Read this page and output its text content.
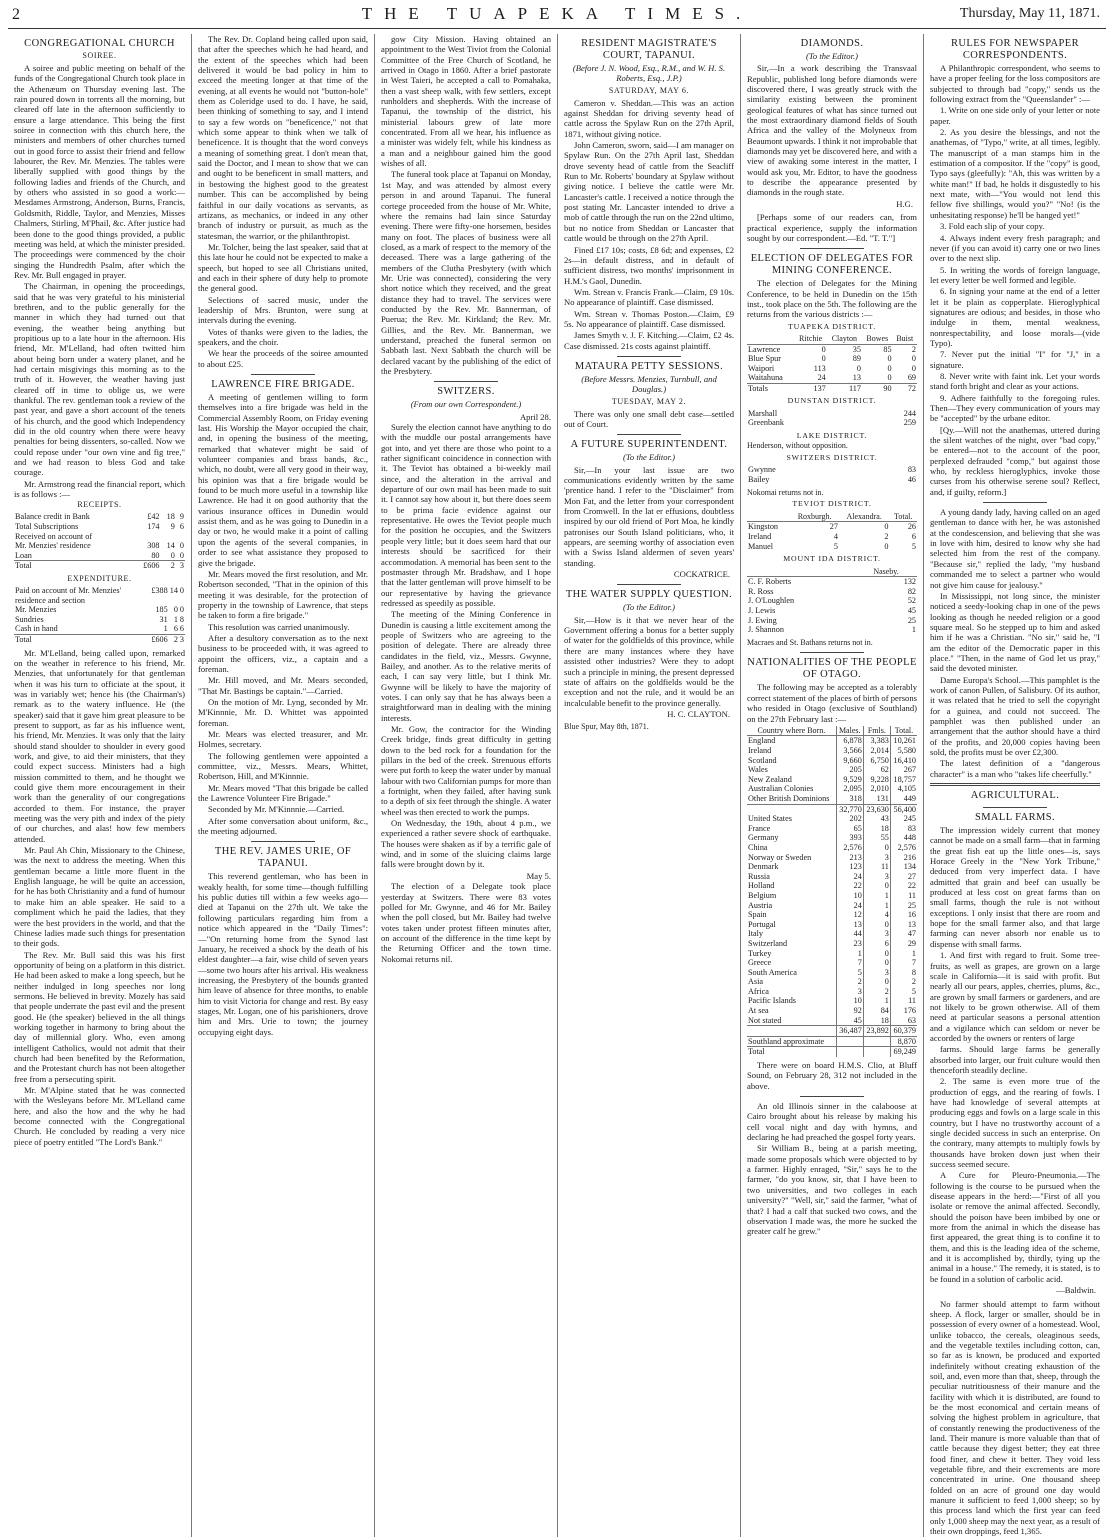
2	THE TUAPEKA TIMES.	Thursday, May 11, 1871.
CONGREGATIONAL CHURCH
SOIREE.

A soiree and public meeting on behalf of the funds of the Congregational Church took place in the Athenæum on Thursday evening last. The rain poured down in torrents all the morning, but cleared off late in the afternoon sufficiently to ensure a large attendance. This being the first soiree in connection with this church here, the ministers and members of other churches turned out in good force to assist their friend and fellow labourer, the Rev. Mr. Menzies. The tables were liberally supplied with good things by the following ladies and friends of the Church, and by others who assisted in so good a work:—Mesdames Armstrong, Anderson, Burns, Francis, Goldsmith, Riddle, Taylor, and Menzies, Misses Chalmers, Stirling, M'Phail, &c. After justice had been done to the good things provided, a public meeting was held, at which the minister presided. The proceedings were commenced by the choir singing the Hundredth Psalm, after which the Rev. Mr. Bull engaged in prayer.

The Chairman, in opening the proceedings, said that he was very grateful to his ministerial brethren, and to the public generally for the manner in which they had turned out that evening, the weather being anything but propitious up to a late hour in the afternoon. His friend, Mr. M'Lelland, had often twitted him about being born under a watery planet, and he had certain misgivings this morning as to the truth of it. However, the weather having just cleared off in time to oblige us, we were thankful. The rev. gentleman took a review of the past year, and gave a short account of the tenets of his church, and the good which Independency did in the old country when there were heavy penalties for being dissenters, so-called. Now we could repose under "our own vine and fig tree," and we had reason to bless God and take courage.

Mr. Armstrong read the financial report, which is as follows :—

RECEIPTS.
Balance credit in Bank	£42	18	9
Total Subscriptions	174	9	6
Received on account of			
Mr. Menzies' residence	308	14	0
Loan	80	0	0
Total	£606	2	3
EXPENDITURE.
Paid on account of Mr. Menzies' residence and section	£388	14	0
Mr. Menzies	185	0	0
Sundries	31	1	8
Cash in hand	1	6	6
Total	£606	2	3

Mr. M'Lelland, being called upon, remarked on the weather in reference to his friend, Mr. Menzies, that unfortunately for that gentleman when it was his turn to officiate at the spout, it was in variably wet; hence his (the Chairman's) remark as to the watery influence. He (the speaker) said that it gave him great pleasure to be present to support, as far as his influence went, his friend, Mr. Menzies. It was only that the laity should stand shoulder to shoulder in every good work, and give, to aid their ministers, that they could expect success. Ministers had a high mission committed to them, and he thought we could give them more encouragement in their work than the generality of our congregations accorded to them. For instance, the prayer meeting was the very pith and index of the piety of our churches, and alas! how few members attended.

Mr. Paul Ah Chin, Missionary to the Chinese, was the next to address the meeting. When this gentleman became a little more fluent in the English language, he will be quite an accession, for he has both Christianity and a fund of humour to make him an able speaker. He said to a compliment which he paid the ladies, that they were the best providers in the world, and that the Chinese ladies made such things for presentation to their gods.

The Rev. Mr. Bull said this was his first opportunity of being on a platform in this district. He had been asked to make a long speech, but he neither indulged in long speeches nor long sermons. He believed in brevity. Mozely has said that people underrate the past evil and the present good. He (the speaker) believed in the all things working together in harmony to bring about the day of millennial glory. Who, even among intelligent Catholics, would not admit that their church had been benefited by the Reformation, and the Protestant church has not been altogether free from a persecuting spirit.

Mr. M'Alpine stated that he was connected with the Wesleyans before Mr. M'Lelland came here, and also the how and the why he had become connected with the Congregational Church. He concluded by reading a very nice piece of poetry entitled "The Lord's Bank."

The Rev. Dr. Copland being called upon said, that after the speeches which he had heard, and the extent of the speeches which had been delivered it would be bad policy in him to exceed the meeting longer at that time of the evening, at all events he would not "button-hole" them as Coleridge used to do. I have, he said, been thinking of something to say, and I intend to say a few words on "beneficence," not that which some appear to think when we talk of beneficence. It is thought that the word conveys a meaning of something great. I don't mean that, said the Doctor, and I mean to show that we can and ought to be beneficent in small matters, and in bestowing the highest good to the greatest number. This can be accomplished by being faithful in our daily vocations as servants, as artizans, as mechanics, or indeed in any other branch of industry or pursuit, as much as the statesman, the warrior, or the philanthropist.

Mr. Tolcher, being the last speaker, said that at this late hour he could not be expected to make a speech, but hoped to see all Christians united, and each in their sphere of duty help to promote the general good.

Selections of sacred music, under the leadership of Mrs. Brunton, were sung at intervals during the evening.

Votes of thanks were given to the ladies, the speakers, and the choir.

We hear the proceeds of the soiree amounted to about £25.

LAWRENCE FIRE BRIGADE.

A meeting of gentlemen willing to form themselves into a fire brigade was held in the Commercial Assembly Room, on Friday evening last. His Worship the Mayor occupied the chair, and, in opening the business of the meeting, remarked that whatever might be said of volunteer companies and brass bands, &c., which, no doubt, were all very good in their way, his opinion was that a fire brigade would be found to be much more useful in a township like Lawrence. He had it on good authority that the various insurance offices in Dunedin would assist them, and as he was going to Dunedin in a day or two, he would make it a point of calling upon the agents of the several companies, in order to see what assistance they proposed to give the brigade.

Mr. Mears moved the first resolution, and Mr. Robertson seconded, "That in the opinion of this meeting it was desirable, for the protection of property in the township of Lawrence, that steps be taken to form a fire brigade."

This resolution was carried unanimously.

After a desultory conversation as to the next business to be proceeded with, it was agreed to appoint the officers, viz., a captain and a foreman.

Mr. Hill moved, and Mr. Mears seconded, "That Mr. Bastings be captain."—Carried.

On the motion of Mr. Lyng, seconded by Mr. M'Kinnnie, Mr. D. Whittet was appointed foreman.

Mr. Mears was elected treasurer, and Mr. Holmes, secretary.

The following gentlemen were appointed a committee, viz., Messrs. Mears, Whittet, Robertson, Hill, and M'Kinnnie.

Mr. Mears moved "That this brigade be called the Lawrence Volunteer Fire Brigade."

Seconded by Mr. M'Kinnnie.—Carried.

After some conversation about uniform, &c., the meeting adjourned.

THE REV. JAMES URIE, OF TAPANUI.

This reverend gentleman, who has been in weakly health, for some time—though fulfilling his public duties till within a few weeks ago—died at Tapanui on the 27th ult. We take the following particulars regarding him from a notice which appeared in the "Daily Times":—"On returning home from the Synod last January, he received a shock by the death of his eldest daughter—a fair, wise child of seven years—some two hours after his arrival. His weakness increasing, the Presbytery of the bounds granted him leave of absence for three months, to enable him to visit Victoria for change and rest. By easy stages, Mr. Logan, one of his parishioners, drove him and Mrs. Urie to town; the journey occupying eight days.

gow City Mission. Having obtained an appointment to the West Tiviot from the Colonial Committee of the Free Church of Scotland, he arrived in Otago in 1860. After a brief pastorate in West Taieri, he accepted a call to Pomahaka, then a vast sheep walk, with few settlers, except runholders and shepherds. With the increase of Tapanui, the township of the district, his ministerial labours grew of late more concentrated. From all we hear, his influence as a minister was widely felt, while his kindness as a man and a neighbour gained him the good wishes of all.

The funeral took place at Tapanui on Monday, 1st May, and was attended by almost every person in and around Tapanui. The funeral cortege proceeded from the house of Mr. White, where the remains had lain since Saturday evening. There were fifty-one horsemen, besides many on foot. The places of business were all closed, as a mark of respect to the memory of the deceased. There was a large gathering of the members of the Clutha Presbytery (with which Mr. Urie was connected), considering the very short notice which they received, and the great distance they had to travel. The services were conducted by the Rev. Mr. Bannerman, of Puerua; the Rev. Mr. Kirkland; the Rev. Mr. Gillies, and the Rev. Mr. Bannerman, we understand, preached the funeral sermon on Sabbath last. Next Sabbath the church will be declared vacant by the publishing of the edict of the Presbytery.

SWITZERS.
(From our own Correspondent.)
April 28.

Surely the election cannot have anything to do with the muddle our postal arrangements have got into, and yet there are those who point to a rather significant coincidence in connection with it. The Teviot has obtained a bi-weekly mail since, and the alteration in the arrival and departure of our own mail has been made to suit it. I cannot say how about it, but there does seem to be prima facie evidence against our representative. He owes the Teviot people much for the position he occupies, and the Switzers people very little; but it does seem hard that our interests should be sacrificed for their accommodation. A memorial has been sent to the postmaster through Mr. Bradshaw, and I hope that the latter gentleman will prove himself to be our representative by having the grievance redressed as speedily as possible.

The meeting of the Mining Conference in Dunedin is causing a little excitement among the people of Switzers who are agreeing to the position of delegate. There are already three candidates in the field, viz., Messrs. Gwynne, Bailey, and another. As to the relative merits of each, I can say very little, but I think Mr. Gwynne will be likely to have the majority of votes. I can only say that he has always been a straightforward man in dealing with the mining interests.

Mr. Gow, the contractor for the Winding Creek bridge, finds great difficulty in getting down to the bed rock for a foundation for the pillars in the bed of the creek. Strenuous efforts were put forth to keep the water under by manual labour with two Californian pumps for more than a fortnight, when they failed, after having sunk to a depth of six feet through the shingle. A water wheel was then erected to work the pumps.

On Wednesday, the 19th, about 4 p.m., we experienced a rather severe shock of earthquake. The houses were shaken as if by a terrific gale of wind, and in some of the sluicing claims large falls were brought down by it.

May 5.

The election of a Delegate took place yesterday at Switzers. There were 83 votes polled for Mr. Gwynne, and 46 for Mr. Bailey when the poll closed, but Mr. Bailey had twelve votes taken under protest fifteen minutes after, on account of the difference in the time kept by the Returning Officer and the town time. Nokomai returns nil.

RESIDENT MAGISTRATE'S COURT, TAPANUI.
(Before J. N. Wood, Esq., R.M., and W. H. S. Roberts, Esq., J.P.)
SATURDAY, MAY 6.

Cameron v. Sheddan.—This was an action against Sheddan for driving seventy head of cattle across the Spylaw Run on the 27th April, 1871, without giving notice.

John Cameron, sworn, said—I am manager on Spylaw Run. On the 27th April last, Sheddan drove seventy head of cattle from the Seacliff Run to Mr. Roberts' boundary at Spylaw without giving notice. I believe the cattle were Mr. Lancaster's cattle. I received a notice through the post stating Mr. Lancaster intended to drive a mob of cattle through the run on the 22nd ultimo, but no notice from Sheddan or Lancaster that cattle would be through on the 27th April.

Fined £17 10s; costs, £8 6d; and expenses, £2 2s—in default distress, and in default of sufficient distress, two months' imprisonment in H.M.'s Gaol, Dunedin.

Wm. Strean v. Francis Frank.—Claim, £9 10s. No appearance of plaintiff. Case dismissed.

Wm. Strean v. Thomas Poston.—Claim, £9 5s. No appearance of plaintiff. Case dismissed.

James Smyth v. J. F. Kitching.—Claim, £2 4s. Case dismissed. 21s costs against plaintiff.

MATAURA PETTY SESSIONS.
(Before Messrs. Menzies, Turnbull, and Douglas.)
TUESDAY, MAY 2.

There was only one small debt case—settled out of Court.

A FUTURE SUPERINTENDENT.
(To the Editor.)

Sir,—In your last issue are two communications evidently written by the same 'prentice hand. I refer to the "Disclaimer" from Mon Fat, and the letter from your correspondent from Cromwell. In the lat er effusions, doubtless inspired by our old friend of Port Moa, he kindly patronises our South Island politicians, who, it appears, are seeming worthy of association even with a Swiss Island aldermen of seven years' standing.

COCKATRICE.
THE WATER SUPPLY QUESTION.
(To the Editor.)

Sir,—How is it that we never hear of the Government offering a bonus for a better supply of water for the goldfields of this province, while there are many instances where they have assisted other industries? Were they to adopt such a principle in mining, the present depressed state of affairs on the goldfields would be the exception and not the rule, and it would be an incalculable benefit to the province generally.

H. C. CLAYTON.
Blue Spur, May 8th, 1871.
DIAMONDS.
(To the Editor.)

Sir,—In a work describing the Transvaal Republic, published long before diamonds were discovered there, I was greatly struck with the similarity existing between the prominent geological features of what has since turned out the most extraordinary diamond fields of South Africa and the valley of the Molyneux from Beaumont upwards. I think it not improbable that diamonds may yet be discovered here, and with a view of awaking some interest in the matter, I would ask you, Mr. Editor, to have the goodness to describe the appearance presented by diamonds in the rough state.

H.G.

[Perhaps some of our readers can, from practical experience, supply the information sought by our correspondent.—Ed. "T. T."]

ELECTION OF DELEGATES FOR MINING CONFERENCE.

The election of Delegates for the Mining Conference, to be held in Dunedin on the 15th inst., took place on the 5th. The following are the returns from the various districts :—

TUAPEKA DISTRICT.
	Ritchie	Clayton	Bowes	Buist
Lawrence	0	35	85	2
Blue Spur	0	89	0	0
Waipori	113	0	0	0
Waitahuna	24	13	0	69
Totals	137	117	90	72
DUNSTAN DISTRICT.
Marshall	244
Greenbank	259
LAKE DISTRICT.
Henderson, without opposition.
SWITZERS DISTRICT.
Gwynne	83
Bailey	46
Nokomai returns not in.
TEVIOT DISTRICT.
	Roxburgh.	Alexandra.	Total.
Kingston	27	0	26
Ireland	4	2	6
Manuel	5	0	5
MOUNT IDA DISTRICT.
	Naseby.
C. F. Roberts	132
R. Ross	82
J. O'Loughlen	52
J. Lewis	45
J. Ewing	25
J. Shannon	1
Macraes and St. Bathans returns not in.
NATIONALITIES OF THE PEOPLE OF OTAGO.

The following may be accepted as a tolerably correct statement of the places of birth of persons who resided in Otago (exclusive of Southland) on the 27th February last :—

Country where Born.	Males.	Fmls.	Total.
England	6,878	3,383	10,261
Ireland	3,566	2,014	5,580
Scotland	9,660	6,750	16,410
Wales	205	62	267
New Zealand	9,529	9,228	18,757
Australian Colonies	2,095	2,010	4,105
Other British Dominions	318	131	449
	32,770	23,630	56,400
United States	202	43	245
France	65	18	83
Germany	393	55	448
China	2,576	0	2,576
Norway or Sweden	213	3	216
Denmark	123	11	134
Russia	24	3	27
Holland	22	0	22
Belgium	10	1	11
Austria	24	1	25
Spain	12	4	16
Portugal	13	0	13
Italy	44	3	47
Switzerland	23	6	29
Turkey	1	0	1
Greece	7	0	7
South America	5	3	8
Asia	2	0	2
Africa	3	2	5
Pacific Islands	10	1	11
At sea	92	84	176
Not stated	45	18	63
	36,487	23,892	60,379
Southland approximate			8,870
Total			69,249

There were on board H.M.S. Clio, at Bluff Sound, on February 28, 312 not included in the above.

An old Illinois sinner in the calaboose at Cairo brought about his release by making his cell vocal night and day with hymns, and declaring he had preached the gospel forty years.

Sir William B., being at a parish meeting, made some proposals which were objected to by a farmer. Highly enraged, "Sir," says he to the farmer, "do you know, sir, that I have been to two universities, and two colleges in each university?" "Well, sir," said the farmer, "what of that? I had a calf that sucked two cows, and the observation I made was, the more he sucked the greater calf he grew."

RULES FOR NEWSPAPER CORRESPONDENTS.

A Philanthropic correspondent, who seems to have a proper feeling for the loss compositors are subjected to through bad "copy," sends us the following extract from the "Queenslander" :—

1. Write on one side only of your letter or note paper.

2. As you desire the blessings, and not the anathemas, of "Typo," write, at all times, legibly. The manuscript of a man stamps him in the estimation of a compositor. If the "copy" is good, Typo says (gleefully): "Ah, this was written by a white man!" If bad, he holds it disgustedly to his next mate, with—"You would not lend this fellow five shillings, would you?" "No! (is the unhesitating response) he'll be hanged yet!"

3. Fold each slip of your copy.

4. Always indent every fresh paragraph; and never (if you can avoid it) carry one or two lines over to the next slip.

5. In writing the words of foreign language, let every letter be well formed and legible.

6. In signing your name at the end of a letter let it be plain as copperplate. Hieroglyphical signatures are odious; and besides, in those who indulge in them, mental weakness, nonrespectability, and loose morals—(vide Typo).

7. Never put the initial "I" for "J," in a signature.

8. Never write with faint ink. Let your words stand forth bright and clear as your actions.

9. Adhere faithfully to the foregoing rules. Then—They every communication of yours may be "accepted" by the urbane editor.

[Qy.—Will not the anathemas, uttered during the silent watches of the night, over "bad copy," be entered—not to the account of the poor, perplexed defrauded "comp," but against those who, by reckless hieroglyphics, invoke those curses from his otherwise serene soul? Reflect, and, if guilty, reform.]

A young dandy lady, having called on an aged gentleman to dance with her, he was astonished at the condescension, and believing that she was in love with him, desired to know why she had selected him from the rest of the company. "Because sir," replied the lady, "my husband commanded me to select a partner who would not give him cause for jealousy."

In Mississippi, not long since, the minister noticed a seedy-looking chap in one of the pews looking as though he needed religion or a good square meal. So he stepped up to him and asked him if he was a Christian. "No sir," said he, "I am the editor of the Democratic paper in this place." "Then, in the name of God let us pray," said the devoted minister.

Dame Europa's School.—This pamphlet is the work of canon Pullen, of Salisbury. Of its author, it was related that he tried to sell the copyright for a guinea, and could not succeed. The pamphlet was then published under an arrangement that the author should have a third of the profits, and 20,000 copies having been sold, the profits must be over £2,300.

The latest definition of a "dangerous character" is a man who "takes life cheerfully."

AGRICULTURAL.
SMALL FARMS.

The impression widely current that money cannot be made on a small farm—that in farming the great fish eat up the little ones—is, says Horace Greely in the "New York Tribune," deduced from very imperfect data. I have admitted that grain and beef can usually be produced at less cost on great farms than on small farms, though the rule is not without exceptions. I only insist that there are room and hope for the small farmer also, and that large farming can never absorb nor enable us to dispense with small farms.

1. And first with regard to fruit. Some tree-fruits, as well as grapes, are grown on a large scale in California—it is said with profit. But nearly all our pears, apples, cherries, plums, &c., are grown by small farmers or gardeners, and are not likely to be grown otherwise. All of them need at particular seasons a personal attention and a vigilance which can seldom or never be accorded by the owners or renters of large

farms. Should large farms be generally absorbed into larger, our fruit culture would then thenceforth steadily decline.

2. The same is even more true of the production of eggs, and the rearing of fowls. I have had knowledge of several attempts at producing eggs and fowls on a large scale in this country, but I have no trustworthy account of a single decided success in such an enterprise. On the contrary, many attempts to multiply fowls by thousands have broken down just when their success seemed secure.

A Cure for Pleuro-Pneumonia.—The following is the course to be pursued when the disease appears in the herd:—"First of all you isolate or remove the animal affected. Secondly, should the poison have been imbibed by one or more from the animal in which the disease has first appeared, the great thing is to confine it to them, and this is the leading idea of the scheme, and it is accomplished by, thirdly, tying up the animal in a house." The remedy, it is stated, is to be found in a solution of carbolic acid.

—Baldwin.

No farmer should attempt to farm without sheep. A flock, larger or smaller, should be in possession of every owner of a homestead. Wool, unlike tobacco, the cereals, oleaginous seeds, and the vegetable textiles including cotton, can, so far as is known, be produced and exported indefinitely without creating exhaustion of the soil, and, even more than that, sheep, through the peculiar nutritiousness of their manure and the facility with which it is distributed, are found to be the most economical and certain means of solving the highest problem in agriculture, that of constantly renewing the productiveness of the land. Their manure is more valuable than that of cattle because they digest better; they eat three food finer, and chew it better. They void less vegetable fibre, and their excrements are more concentrated in urine. One thousand sheep folded on an acre of ground one day would manure it sufficient to feed 1,000 sheep; so by this process land which the first year can feed only 1,000 sheep may the next year, as a result of their own droppings, feed 1,365.
